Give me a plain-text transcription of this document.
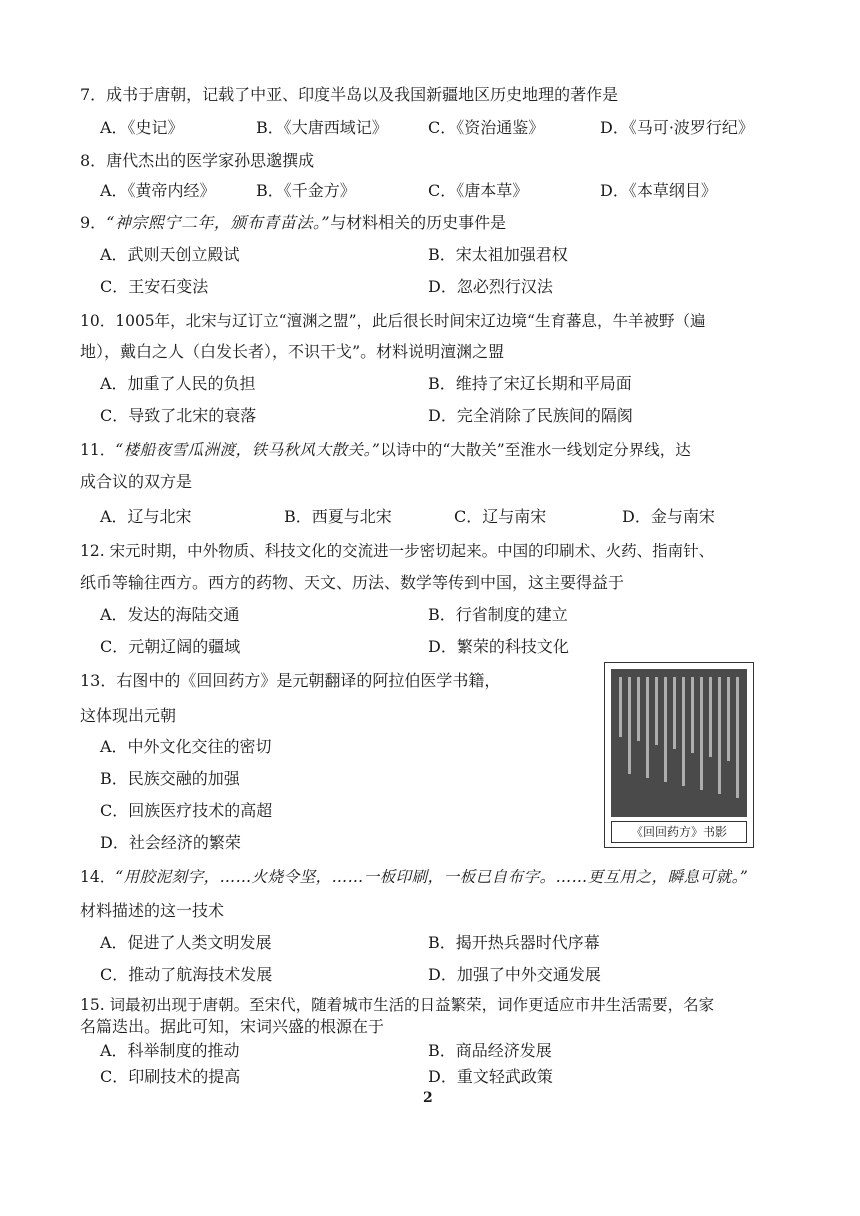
7．成书于唐朝，记载了中亚、印度半岛以及我国新疆地区历史地理的著作是
A．《史记》	B．《大唐西域记》	C．《资治通鉴》	D．《马可·波罗行纪》
8．唐代杰出的医学家孙思邈撰成
A．《黄帝内经》	B．《千金方》	C．《唐本草》	D．《本草纲目》
9．“神宗熙宁二年，颁布青苗法。”与材料相关的历史事件是
A．武则天创立殿试	B．宋太祖加强君权
C．王安石变法	D．忽必烈行汉法
10．1005年，北宋与辽订立“澶渊之盟”，此后很长时间宋辽边境“生育蕃息，牛羊被野（遍
地），戴白之人（白发长者），不识干戈”。材料说明澶渊之盟
A．加重了人民的负担	B．维持了宋辽长期和平局面
C．导致了北宋的衰落	D．完全消除了民族间的隔阂
11．“楼船夜雪瓜洲渡，铁马秋风大散关。”以诗中的“大散关”至淮水一线划定分界线，达
成合议的双方是
A．辽与北宋	B．西夏与北宋	C．辽与南宋	D．金与南宋
12. 宋元时期，中外物质、科技文化的交流进一步密切起来。中国的印刷术、火药、指南针、
纸币等输往西方。西方的药物、天文、历法、数学等传到中国，这主要得益于
A．发达的海陆交通	B．行省制度的建立
C．元朝辽阔的疆域	D．繁荣的科技文化
13．右图中的《回回药方》是元朝翻译的阿拉伯医学书籍，
这体现出元朝
A．中外文化交往的密切
B．民族交融的加强
C．回族医疗技术的高超
D．社会经济的繁荣
《回回药方》书影
14．“用胶泥刻字，……火烧令坚，……一板印刷，一板已自布字。……更互用之，瞬息可就。”
材料描述的这一技术
A．促进了人类文明发展	B．揭开热兵器时代序幕
C．推动了航海技术发展	D．加强了中外交通发展
15. 词最初出现于唐朝。至宋代，随着城市生活的日益繁荣，词作更适应市井生活需要，名家
名篇迭出。据此可知，宋词兴盛的根源在于
A．科举制度的推动	B．商品经济发展
C．印刷技术的提高	D．重文轻武政策
2
